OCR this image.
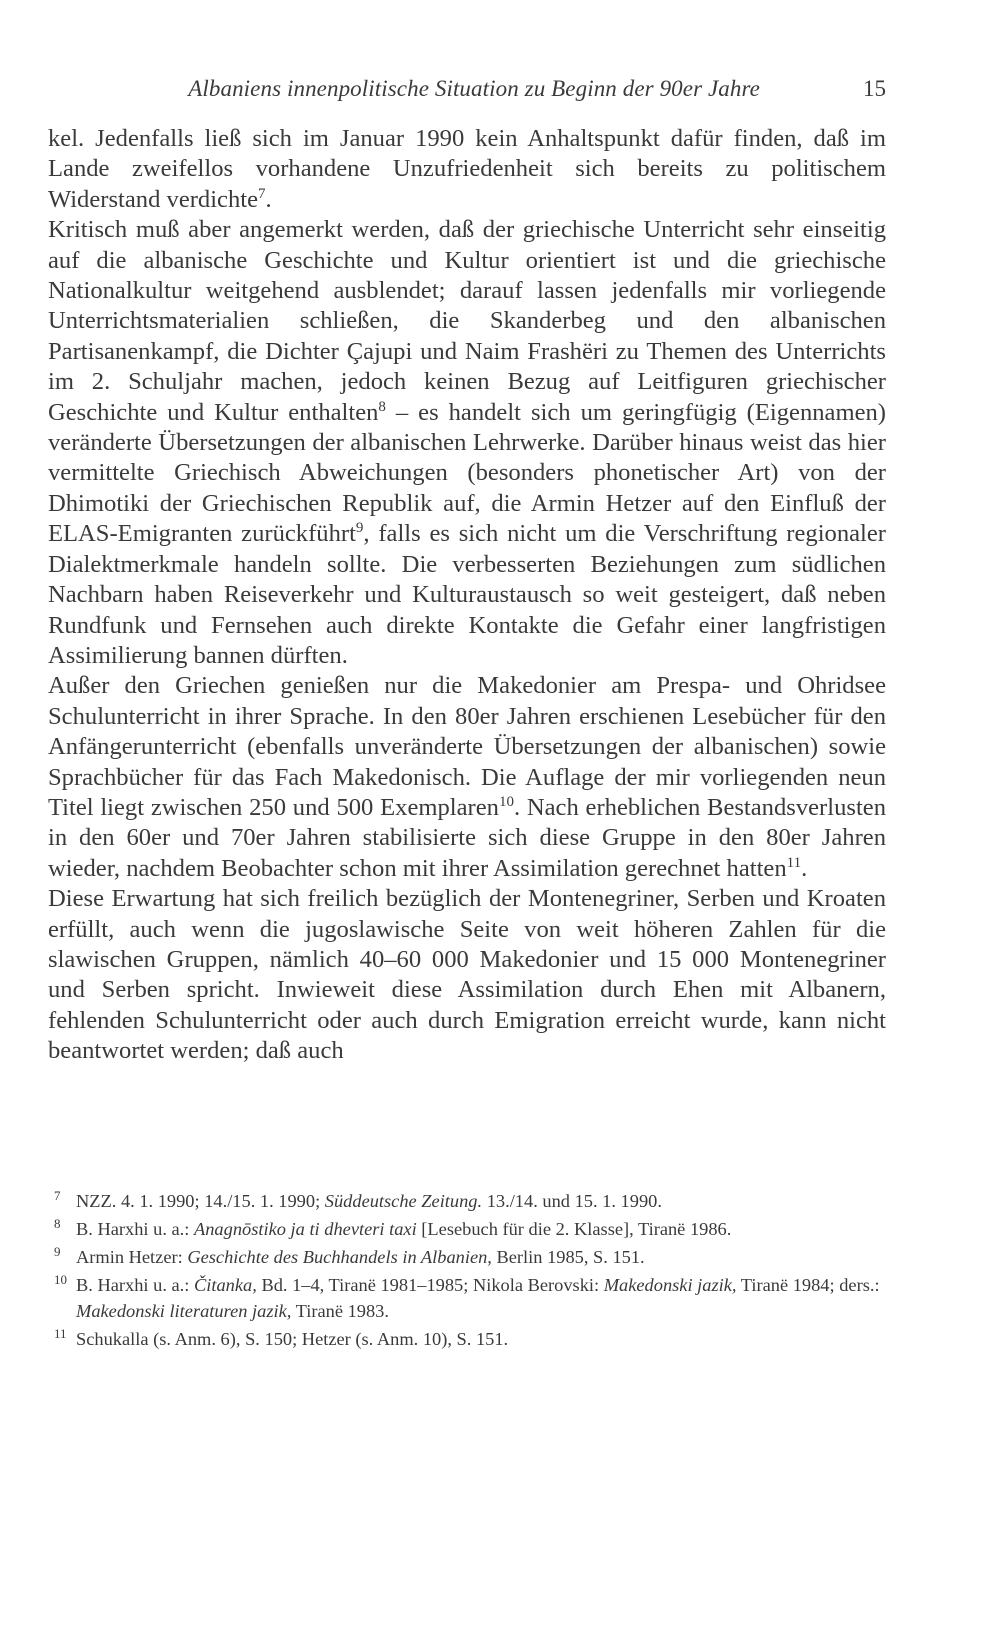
Albaniens innenpolitische Situation zu Beginn der 90er Jahre	15

kel. Jedenfalls ließ sich im Januar 1990 kein Anhaltspunkt dafür finden, daß im Lande zweifellos vorhandene Unzufriedenheit sich bereits zu politischem Widerstand verdichte$^7$.

Kritisch muß aber angemerkt werden, daß der griechische Unterricht sehr einseitig auf die albanische Geschichte und Kultur orientiert ist und die griechische Nationalkultur weitgehend ausblendet; darauf lassen jedenfalls mir vorliegende Unterrichtsmaterialien schließen, die Skanderbeg und den albanischen Partisanenkampf, die Dichter Çajupi und Naim Frashëri zu Themen des Unterrichts im 2. Schuljahr machen, jedoch keinen Bezug auf Leitfiguren griechischer Geschichte und Kultur enthalten$^8$ – es handelt sich um geringfügig (Eigennamen) veränderte Übersetzungen der albanischen Lehrwerke. Darüber hinaus weist das hier vermittelte Griechisch Abweichungen (besonders phonetischer Art) von der Dhimotiki der Griechischen Republik auf, die Armin Hetzer auf den Einfluß der ELAS-Emigranten zurückführt$^9$, falls es sich nicht um die Verschriftung regionaler Dialektmerkmale handeln sollte. Die verbesserten Beziehungen zum südlichen Nachbarn haben Reiseverkehr und Kulturaustausch so weit gesteigert, daß neben Rundfunk und Fernsehen auch direkte Kontakte die Gefahr einer langfristigen Assimilierung bannen dürften.

Außer den Griechen genießen nur die Makedonier am Prespa- und Ohridsee Schulunterricht in ihrer Sprache. In den 80er Jahren erschienen Lesebücher für den Anfängerunterricht (ebenfalls unveränderte Übersetzungen der albanischen) sowie Sprachbücher für das Fach Makedonisch. Die Auflage der mir vorliegenden neun Titel liegt zwischen 250 und 500 Exemplaren$^{10}$. Nach erheblichen Bestandsverlusten in den 60er und 70er Jahren stabilisierte sich diese Gruppe in den 80er Jahren wieder, nachdem Beobachter schon mit ihrer Assimilation gerechnet hatten$^{11}$.

Diese Erwartung hat sich freilich bezüglich der Montenegriner, Serben und Kroaten erfüllt, auch wenn die jugoslawische Seite von weit höheren Zahlen für die slawischen Gruppen, nämlich 40–60 000 Makedonier und 15 000 Montenegriner und Serben spricht. Inwieweit diese Assimilation durch Ehen mit Albanern, fehlenden Schulunterricht oder auch durch Emigration erreicht wurde, kann nicht beantwortet werden; daß auch

7 NZZ. 4. 1. 1990; 14./15. 1. 1990; Süddeutsche Zeitung. 13./14. und 15. 1. 1990.
8 B. Harxhi u. a.: Anagnōstiko ja ti dhevteri taxi [Lesebuch für die 2. Klasse], Tiranë 1986.
9 Armin Hetzer: Geschichte des Buchhandels in Albanien, Berlin 1985, S. 151.
10 B. Harxhi u. a.: Čitanka, Bd. 1–4, Tiranë 1981–1985; Nikola Berovski: Makedonski jazik, Tiranë 1984; ders.: Makedonski literaturen jazik, Tiranë 1983.
11 Schukalla (s. Anm. 6), S. 150; Hetzer (s. Anm. 10), S. 151.
